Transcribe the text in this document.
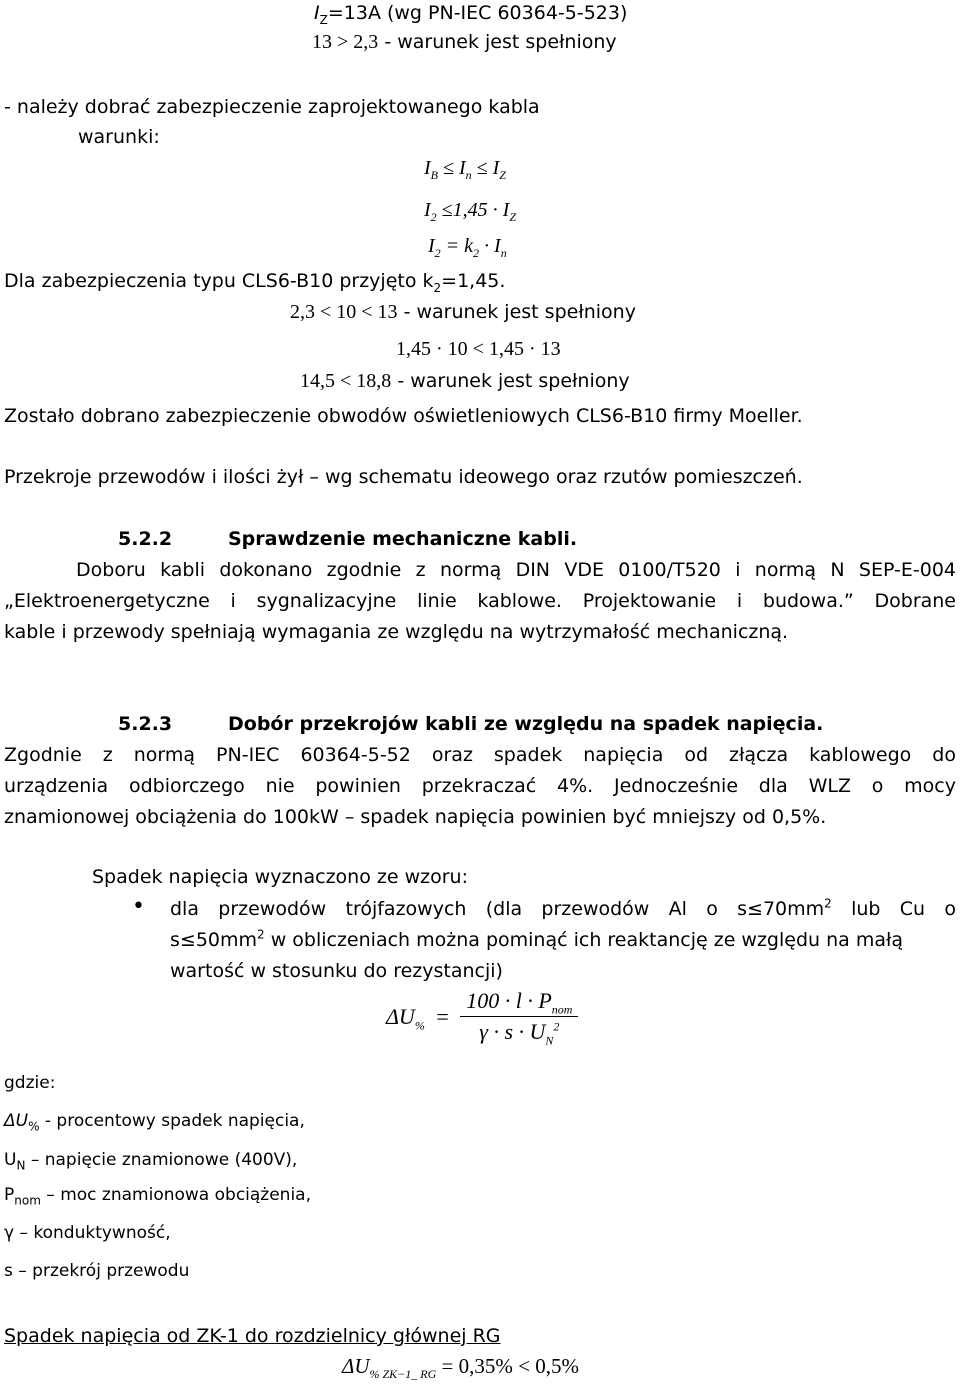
$I_Z=13A$ (wg PN-IEC 60364-5-523)
13 > 2,3 - warunek jest spełniony
- należy dobrać zabezpieczenie zaprojektowanego kabla
warunki:
$I_B \le I_n \le I_Z$
$I_2 \le 1,45 \cdot I_Z$
$I_2 = k_2 \cdot I_n$
Dla zabezpieczenia typu CLS6-B10 przyjęto $k_2=1,45$.
2,3 < 10 < 13 - warunek jest spełniony
1,45 · 10 < 1,45 · 13
14,5 < 18,8 - warunek jest spełniony
Zostało dobrano zabezpieczenie obwodów oświetleniowych CLS6-B10 firmy Moeller.
Przekroje przewodów i ilości żył – wg schematu ideowego oraz rzutów pomieszczeń.
5.2.2	Sprawdzenie mechaniczne kabli.
Doboru kabli dokonano zgodnie z normą DIN VDE 0100/T520 i normą N SEP-E-004
„Elektroenergetyczne i sygnalizacyjne linie kablowe. Projektowanie i budowa.” Dobrane
kable i przewody spełniają wymagania ze względu na wytrzymałość mechaniczną.
5.2.3	Dobór przekrojów kabli ze względu na spadek napięcia.
Zgodnie z normą PN-IEC 60364-5-52 oraz spadek napięcia od złącza kablowego do
urządzenia odbiorczego nie powinien przekraczać 4%. Jednocześnie dla WLZ o mocy
znamionowej obciążenia do 100kW – spadek napięcia powinien być mniejszy od 0,5%.
Spadek napięcia wyznaczono ze wzoru:
• dla przewodów trójfazowych (dla przewodów Al o $s\le 70mm^2$ lub Cu o
$s\le 50mm^2$ w obliczeniach można pominąć ich reaktancję ze względu na małą
wartość w stosunku do rezystancji)
$\Delta U_{\%} = \frac{100 \cdot l \cdot P_{nom}}{\gamma \cdot s \cdot U_N^2}$
gdzie:
$\Delta U_{\%}$ - procentowy spadek napięcia,
$U_N$ – napięcie znamionowe (400V),
$P_{nom}$ – moc znamionowa obciążenia,
γ – konduktywność,
s – przekrój przewodu
Spadek napięcia od ZK-1 do rozdzielnicy głównej RG
$\Delta U_{\% ZK-1\_ RG} = 0,35\% < 0,5\%$
